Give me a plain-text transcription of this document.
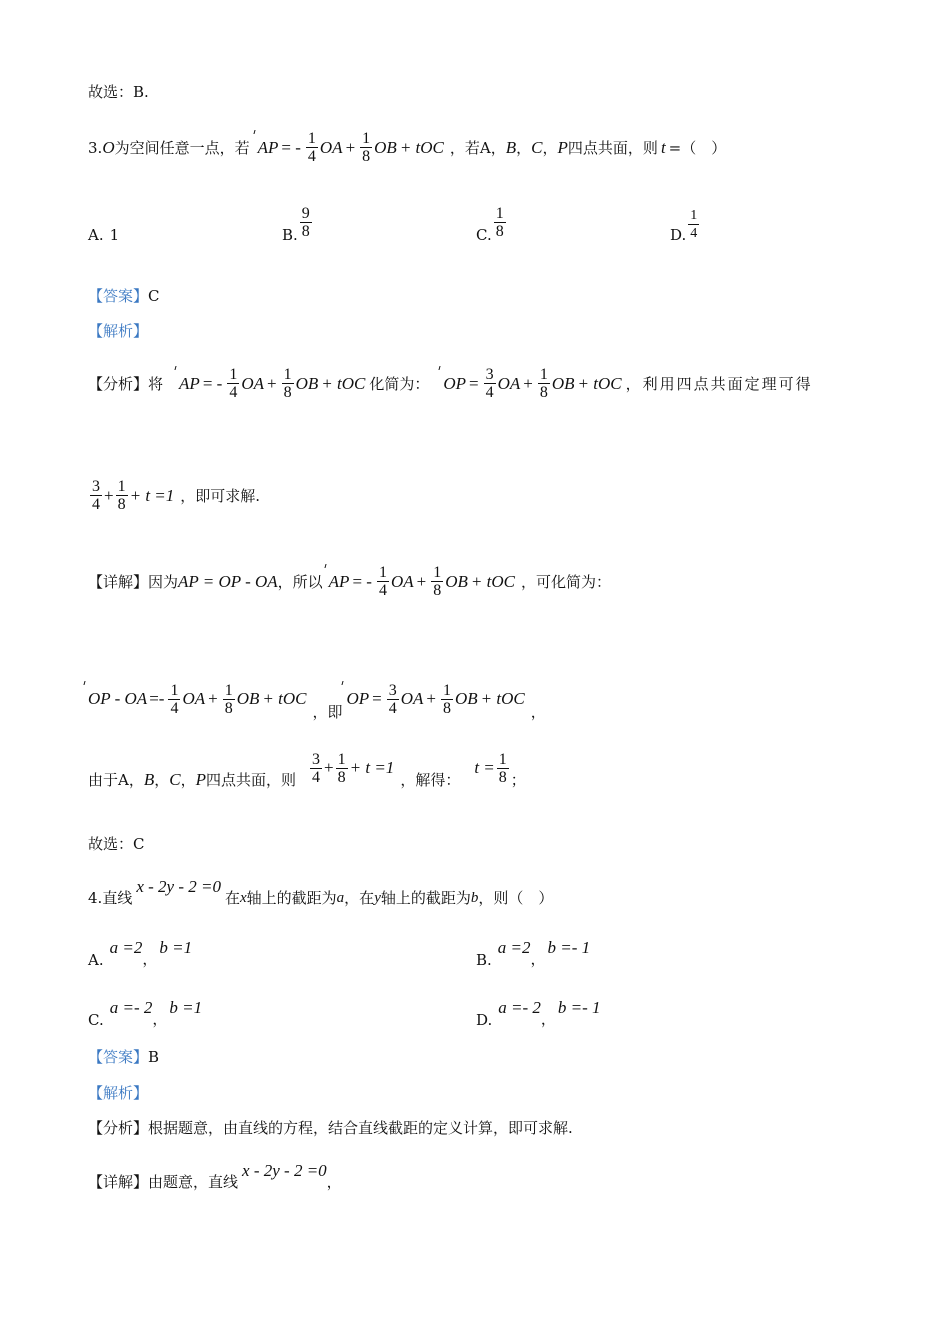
故选：B.
3. O 为空间任意一点，若 AP = - $\frac{1}{4}$ OA + $\frac{1}{8}$ OB + tOC ，若 A ， B ， C ， P 四点共面，则 t =（　）
A. 1	B. $\frac{9}{8}$	C. $\frac{1}{8}$	D. $\frac{1}{4}$
【答案】 C
【解析】
【分析】 将 AP = - $\frac{1}{4}$ OA + $\frac{1}{8}$ OB + tOC 化简为： OP = $\frac{3}{4}$ OA + $\frac{1}{8}$ OB + tOC ，利用四点共面定理可得
$\frac{3}{4} + \frac{1}{8} + t =1$ ，即可求解.
【详解】 因为 AP = OP - OA ，所以 AP = - $\frac{1}{4}$ OA + $\frac{1}{8}$ OB + tOC ，可化简为：
OP - OA =- $\frac{1}{4}$ OA + $\frac{1}{8}$ OB + tOC
，即
OP = $\frac{3}{4}$ OA + $\frac{1}{8}$ OB + tOC
，
由于 A ， B ， C ， P 四点共面，则 $\frac{3}{4} + \frac{1}{8} + t =1$
，解得：
$t = \frac{1}{8}$ ；
故选：C
4. 直线
x - 2y - 2 =0
在 x 轴上的截距为 a ，在 y 轴上的截距为 b ，则（　）
A.
a =2
，
b =1
B.
a =2
，
b =- 1
C.
a =- 2
，
b =1
D.
a =- 2
，
b =- 1
【答案】 B
【解析】
【分析】 根据题意，由直线的方程，结合直线截距的定义计算，即可求解.
【详解】 由题意，直线
x - 2y - 2 =0
，
